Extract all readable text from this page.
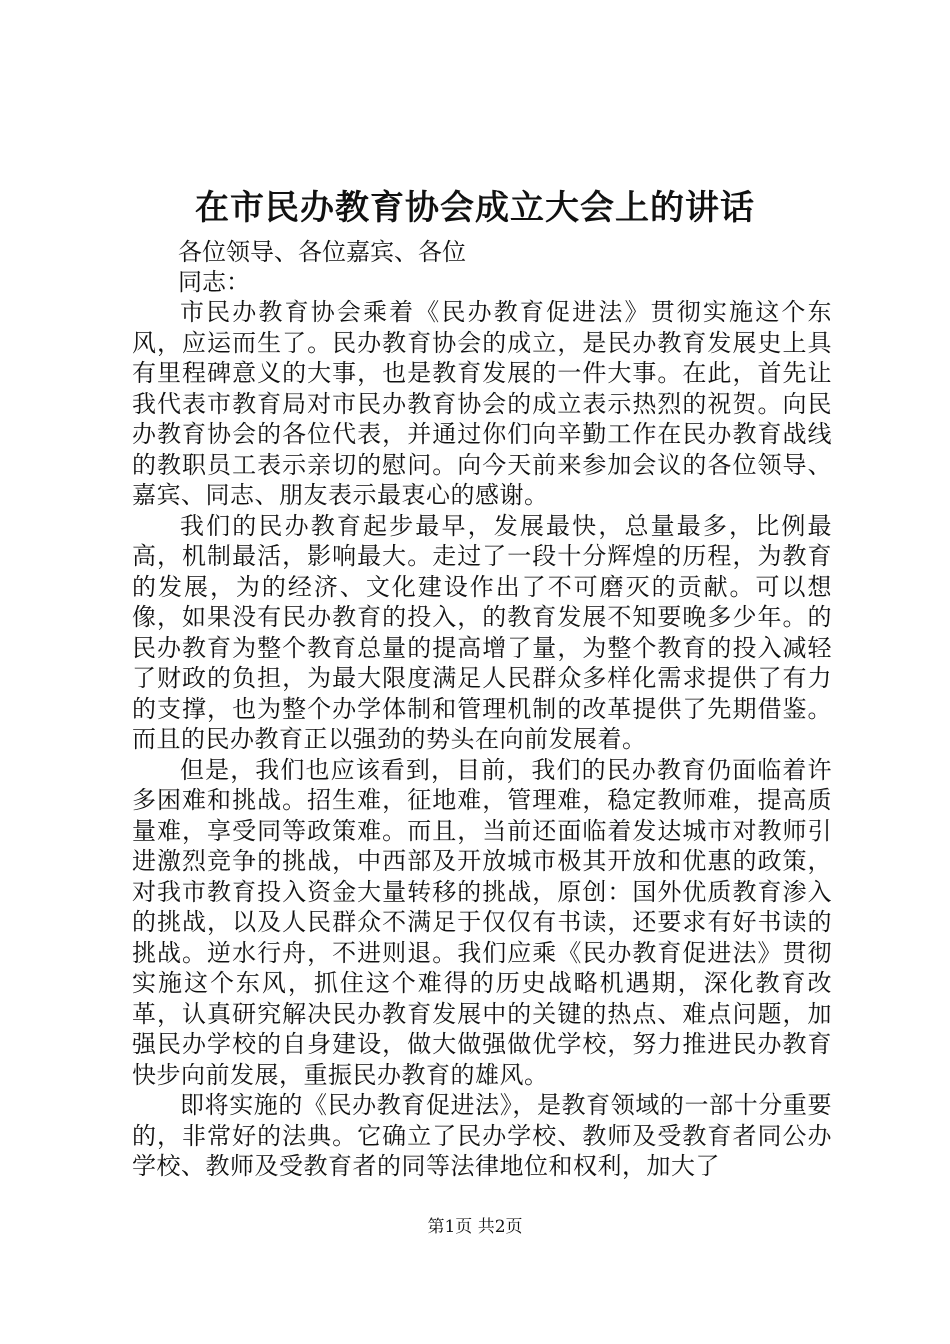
在市民办教育协会成立大会上的讲话

各位领导、各位嘉宾、各位

同志：

市民办教育协会乘着《民办教育促进法》贯彻实施这个东风，应运而生了。民办教育协会的成立，是民办教育发展史上具有里程碑意义的大事，也是教育发展的一件大事。在此，首先让我代表市教育局对市民办教育协会的成立表示热烈的祝贺。向民办教育协会的各位代表，并通过你们向辛勤工作在民办教育战线的教职员工表示亲切的慰问。向今天前来参加会议的各位领导、嘉宾、同志、朋友表示最衷心的感谢。

我们的民办教育起步最早，发展最快，总量最多，比例最高，机制最活，影响最大。走过了一段十分辉煌的历程，为教育的发展，为的经济、文化建设作出了不可磨灭的贡献。可以想像，如果没有民办教育的投入，的教育发展不知要晚多少年。的民办教育为整个教育总量的提高增了量，为整个教育的投入减轻了财政的负担，为最大限度满足人民群众多样化需求提供了有力的支撑，也为整个办学体制和管理机制的改革提供了先期借鉴。而且的民办教育正以强劲的势头在向前发展着。

但是，我们也应该看到，目前，我们的民办教育仍面临着许多困难和挑战。招生难，征地难，管理难，稳定教师难，提高质量难，享受同等政策难。而且，当前还面临着发达城市对教师引进激烈竞争的挑战，中西部及开放城市极其开放和优惠的政策，对我市教育投入资金大量转移的挑战，原创：国外优质教育渗入的挑战，以及人民群众不满足于仅仅有书读，还要求有好书读的挑战。逆水行舟，不进则退。我们应乘《民办教育促进法》贯彻实施这个东风，抓住这个难得的历史战略机遇期，深化教育改革，认真研究解决民办教育发展中的关键的热点、难点问题，加强民办学校的自身建设，做大做强做优学校，努力推进民办教育快步向前发展，重振民办教育的雄风。

即将实施的《民办教育促进法》，是教育领域的一部十分重要的，非常好的法典。它确立了民办学校、教师及受教育者同公办学校、教师及受教育者的同等法律地位和权利，加大了

第1页 共2页
